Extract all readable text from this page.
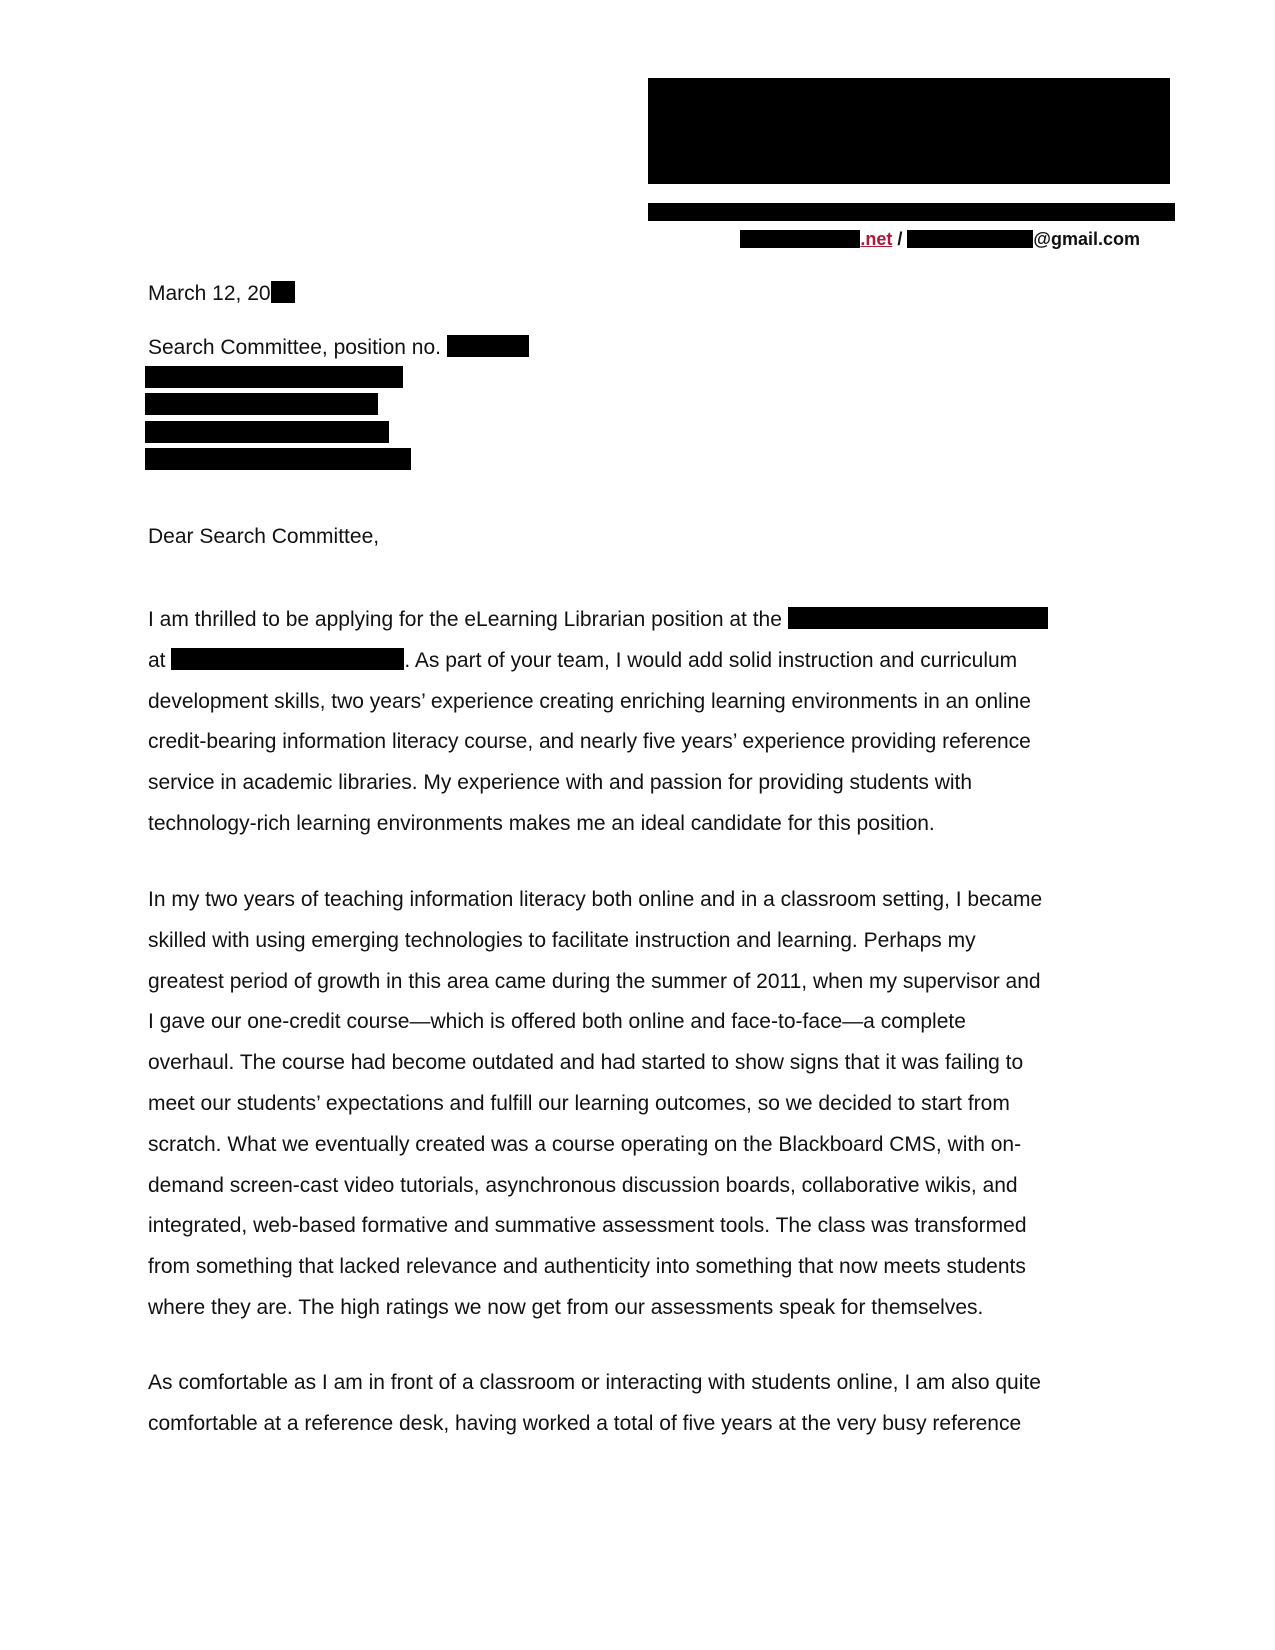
.net /	@gmail.com
March 12, 20
Search Committee, position no.
Dear Search Committee,
I am thrilled to be applying for the eLearning Librarian position at the
at	. As part of your team, I would add solid instruction and curriculum
development skills, two years’ experience creating enriching learning environments in an online
credit-bearing information literacy course, and nearly five years’ experience providing reference
service in academic libraries. My experience with and passion for providing students with
technology-rich learning environments makes me an ideal candidate for this position.
In my two years of teaching information literacy both online and in a classroom setting, I became
skilled with using emerging technologies to facilitate instruction and learning. Perhaps my
greatest period of growth in this area came during the summer of 2011, when my supervisor and
I gave our one-credit course—which is offered both online and face-to-face—a complete
overhaul. The course had become outdated and had started to show signs that it was failing to
meet our students’ expectations and fulfill our learning outcomes, so we decided to start from
scratch. What we eventually created was a course operating on the Blackboard CMS, with on-
demand screen-cast video tutorials, asynchronous discussion boards, collaborative wikis, and
integrated, web-based formative and summative assessment tools. The class was transformed
from something that lacked relevance and authenticity into something that now meets students
where they are. The high ratings we now get from our assessments speak for themselves.
As comfortable as I am in front of a classroom or interacting with students online, I am also quite
comfortable at a reference desk, having worked a total of five years at the very busy reference
